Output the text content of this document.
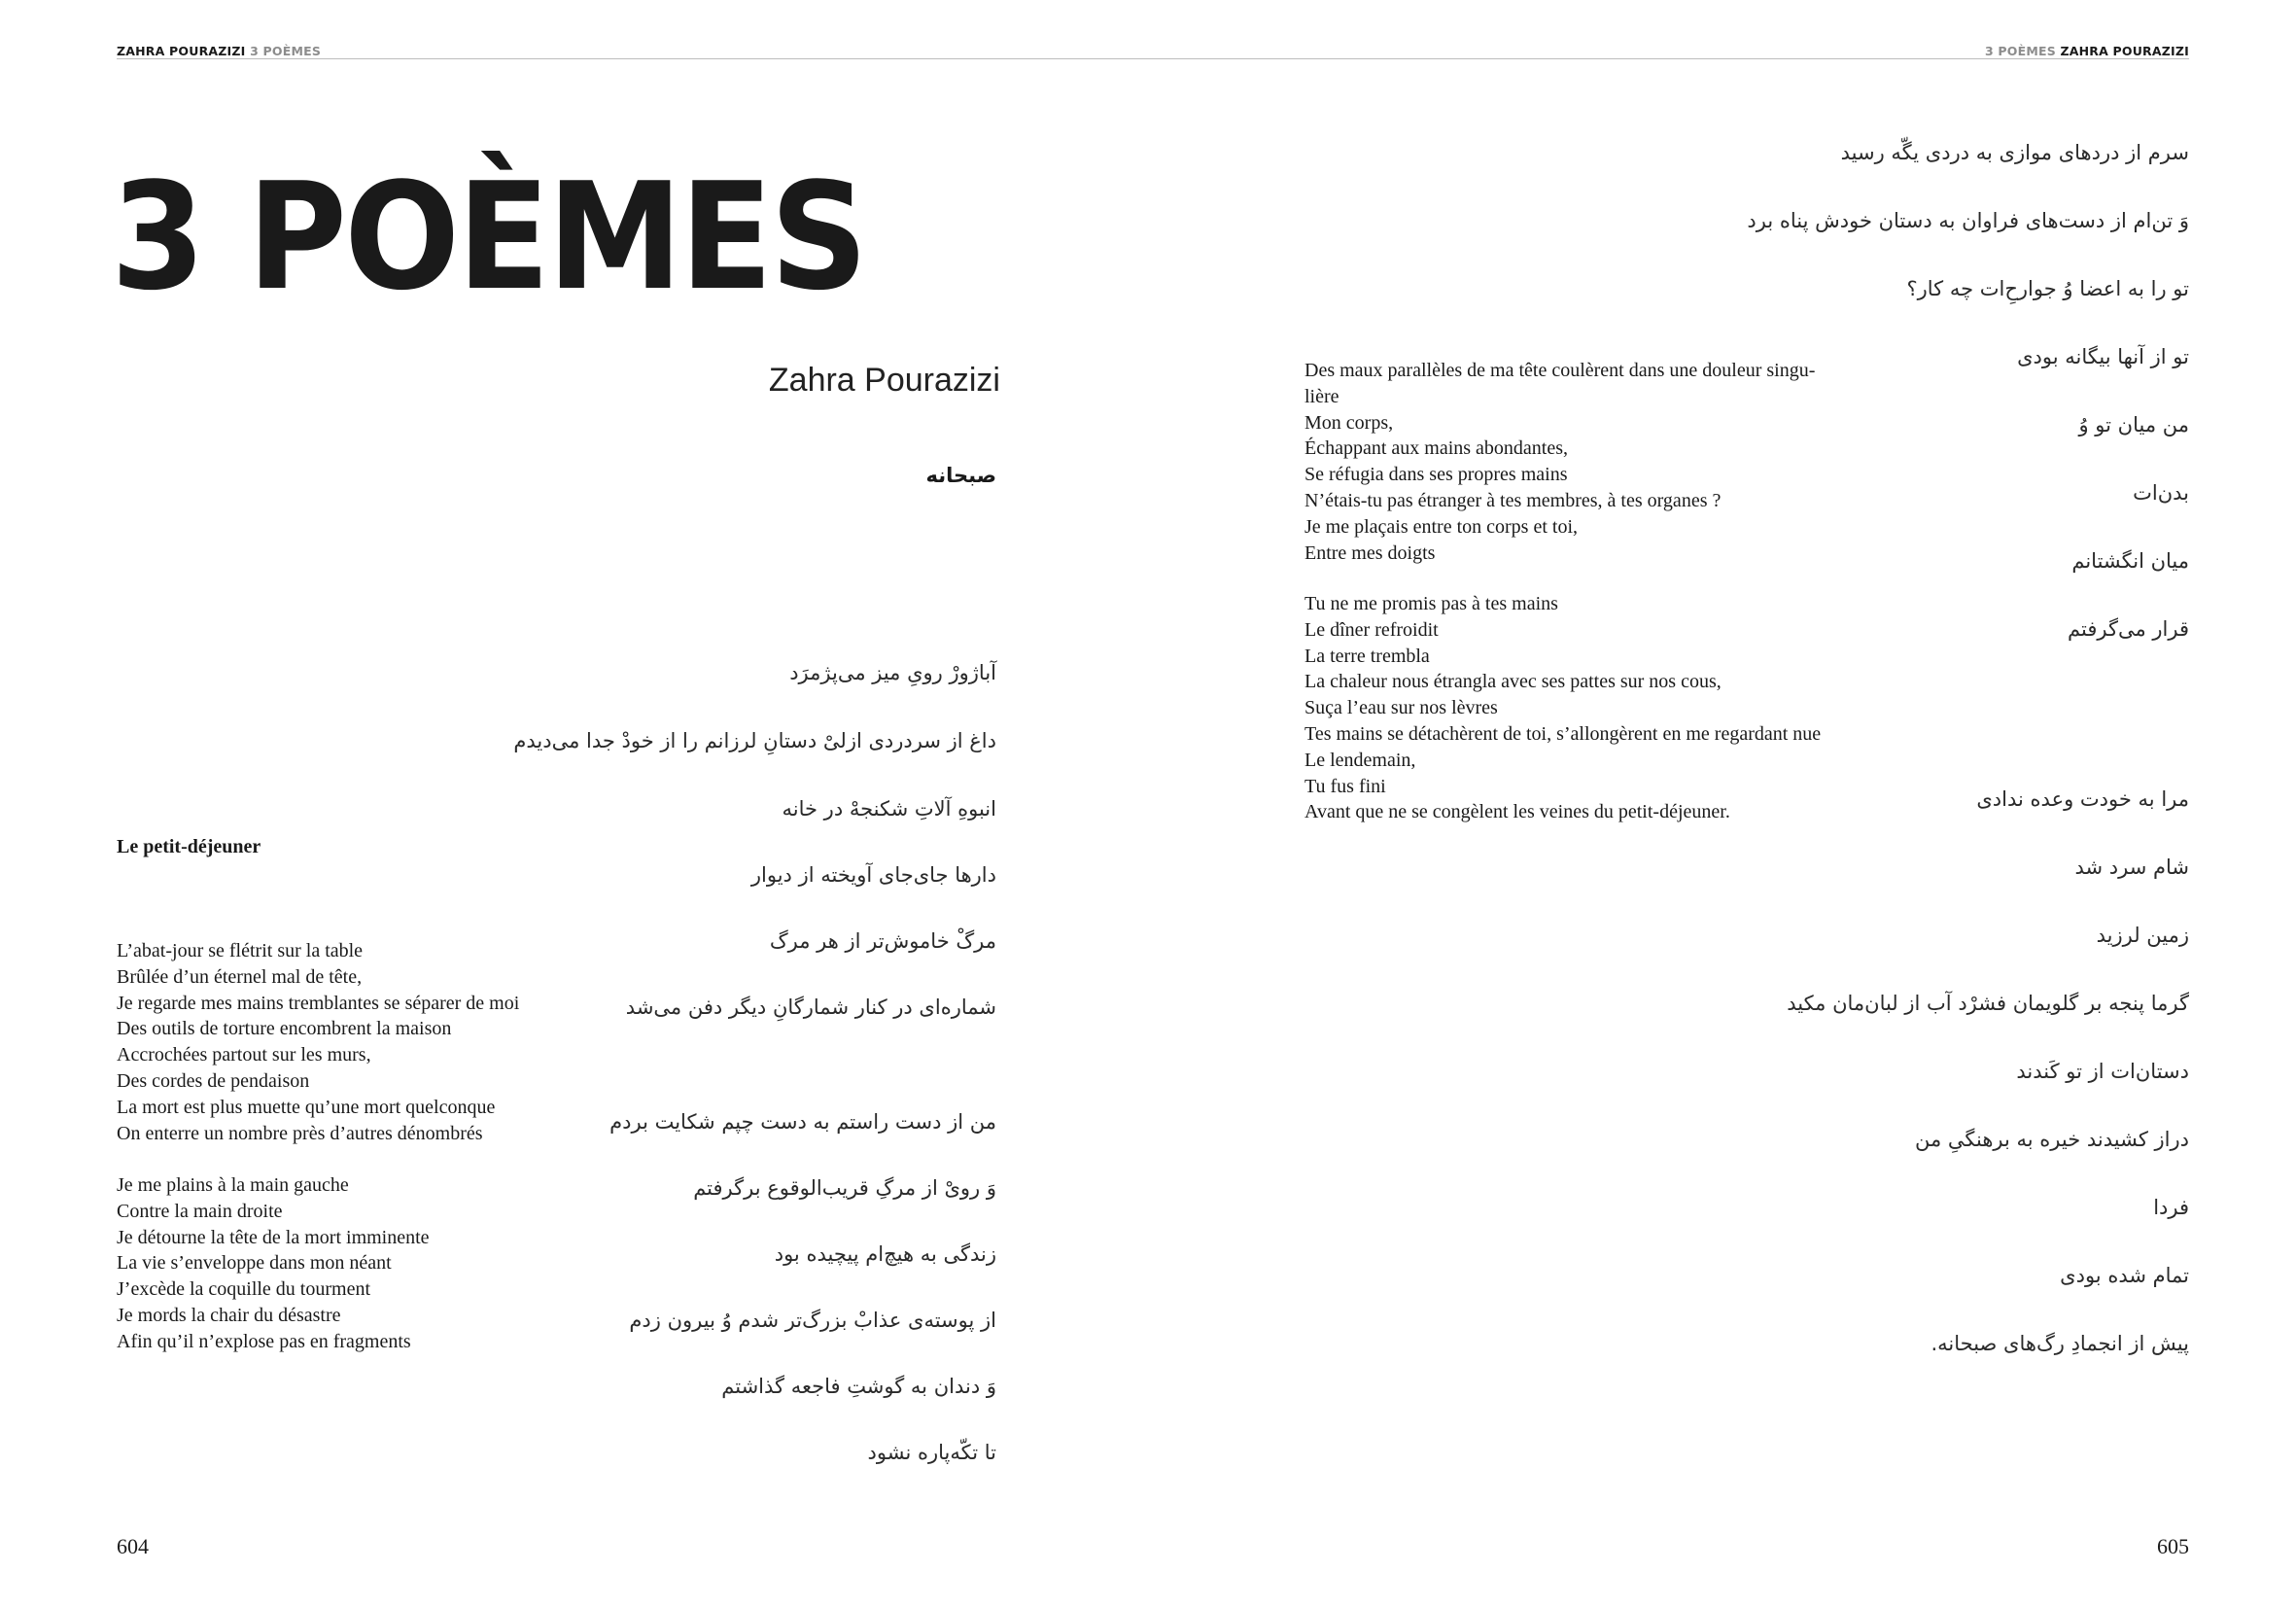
ZAHRA POURAZIZI 3 POÈMES
3 POÈMES
Zahra Pourazizi
صبحانه
آباژورْ رویِ میز می‌پژمرَد
داغ از سردردی ازلیْ دستانِ لرزانم را از خودْ جدا می‌دیدم
انبوهِ آلاتِ شکنجهْ در خانه
دارها جای‌جای آویخته از دیوار
مرگْ خاموش‌تر از هر مرگ
شماره‌ای در کنار شمارگانِ دیگر دفن می‌شد
من از دست راستم به دست چپم شکایت بردم
وَ رویْ از مرگِ قریب‌الوقوع برگرفتم
زندگی به هیچ‌ام پیچیده بود
از پوسته‌ی عذابْ بزرگ‌تر شدم وُ بیرون زدم
وَ دندان به گوشتِ فاجعه گذاشتم
تا تکّه‌پاره نشود
Le petit-déjeuner
L’abat-jour se flétrit sur la table
Brûlée d’un éternel mal de tête,
Je regarde mes mains tremblantes se séparer de moi
Des outils de torture encombrent la maison
Accrochées partout sur les murs,
Des cordes de pendaison
La mort est plus muette qu’une mort quelconque
On enterre un nombre près d’autres dénombrés
Je me plains à la main gauche
Contre la main droite
Je détourne la tête de la mort imminente
La vie s’enveloppe dans mon néant
J’excède la coquille du tourment
Je mords la chair du désastre
Afin qu’il n’explose pas en fragments
604
3 POÈMES ZAHRA POURAZIZI
Des maux parallèles de ma tête coulèrent dans une douleur singu-
lière
Mon corps,
Échappant aux mains abondantes,
Se réfugia dans ses propres mains
N’étais-tu pas étranger à tes membres, à tes organes ?
Je me plaçais entre ton corps et toi,
Entre mes doigts
Tu ne me promis pas à tes mains
Le dîner refroidit
La terre trembla
La chaleur nous étrangla avec ses pattes sur nos cous,
Suça l’eau sur nos lèvres
Tes mains se détachèrent de toi, s’allongèrent en me regardant nue
Le lendemain,
Tu fus fini
Avant que ne se congèlent les veines du petit-déjeuner.
سرم از دردهای موازی به دردی یگّه رسید
وَ تن‌ام از دست‌های فراوان به دستان خودش پناه برد
تو را به اعضا وُ جوارحِ‌ات چه کار؟
تو از آنها بیگانه بودی
من میان تو وُ
بدن‌ات
میان انگشتانم
قرار می‌گرفتم
مرا به خودت وعده ندادی
شام سرد شد
زمین لرزید
گرما پنجه بر گلویمان فشرْد آب از لبان‌مان مکید
دستان‌ات از تو کَندند
دراز کشیدند خیره به برهنگیِ من
فردا
تمام شده بودی
پیش از انجمادِ رگ‌های صبحانه.
605
